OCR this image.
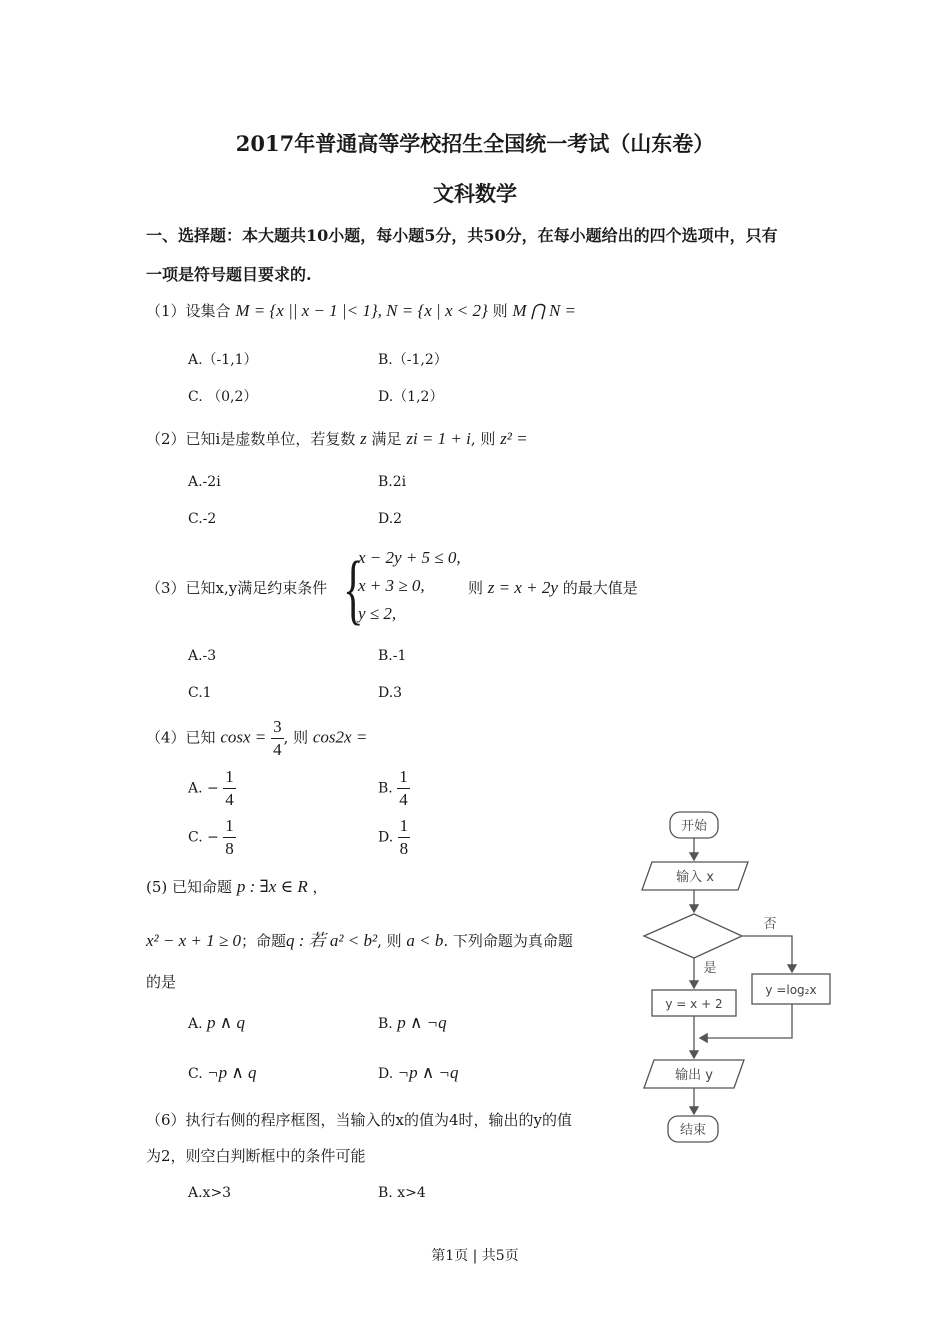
2017年普通高等学校招生全国统一考试（山东卷）
文科数学
一、选择题：本大题共10小题，每小题5分，共50分，在每小题给出的四个选项中，只有
一项是符号题目要求的.
（1）设集合 M = {x || x − 1 |< 1}, N = {x | x < 2} 则 M ⋂ N =
A.（-1,1）	B.（-1,2）
C. （0,2）	D.（1,2）
（2）已知i是虚数单位，若复数 z 满足 zi = 1 + i, 则 z² =
A.-2i	B.2i
C.-2	D.2
（3）已知x,y满足约束条件 {
x − 2y + 5 ≤ 0,
x + 3 ≥ 0,
y ≤ 2,
则 z = x + 2y 的最大值是
A.-3	B.-1
C.1	D.3
（4）已知 $\cos x = \frac{3}{4}$ , 则 cos2x =
A. − $\frac{1}{4}$	B. $\frac{1}{4}$
C. − $\frac{1}{8}$	D. $\frac{1}{8}$
(5) 已知命题 p : ∃x ∈ R ，
x² − x + 1 ≥ 0；命题q : 若 a² < b², 则 a < b. 下列命题为真命题
的是
A. p ∧ q	B. p ∧ ¬q
C. ¬p ∧ q	D. ¬p ∧ ¬q
（6）执行右侧的程序框图，当输入的x的值为4时，输出的y的值
为2，则空白判断框中的条件可能
A.x>3	B. x>4
开始
输入 x
否
是
y = x + 2
y =log₂x
输出 y
结束
第1页 | 共5页
